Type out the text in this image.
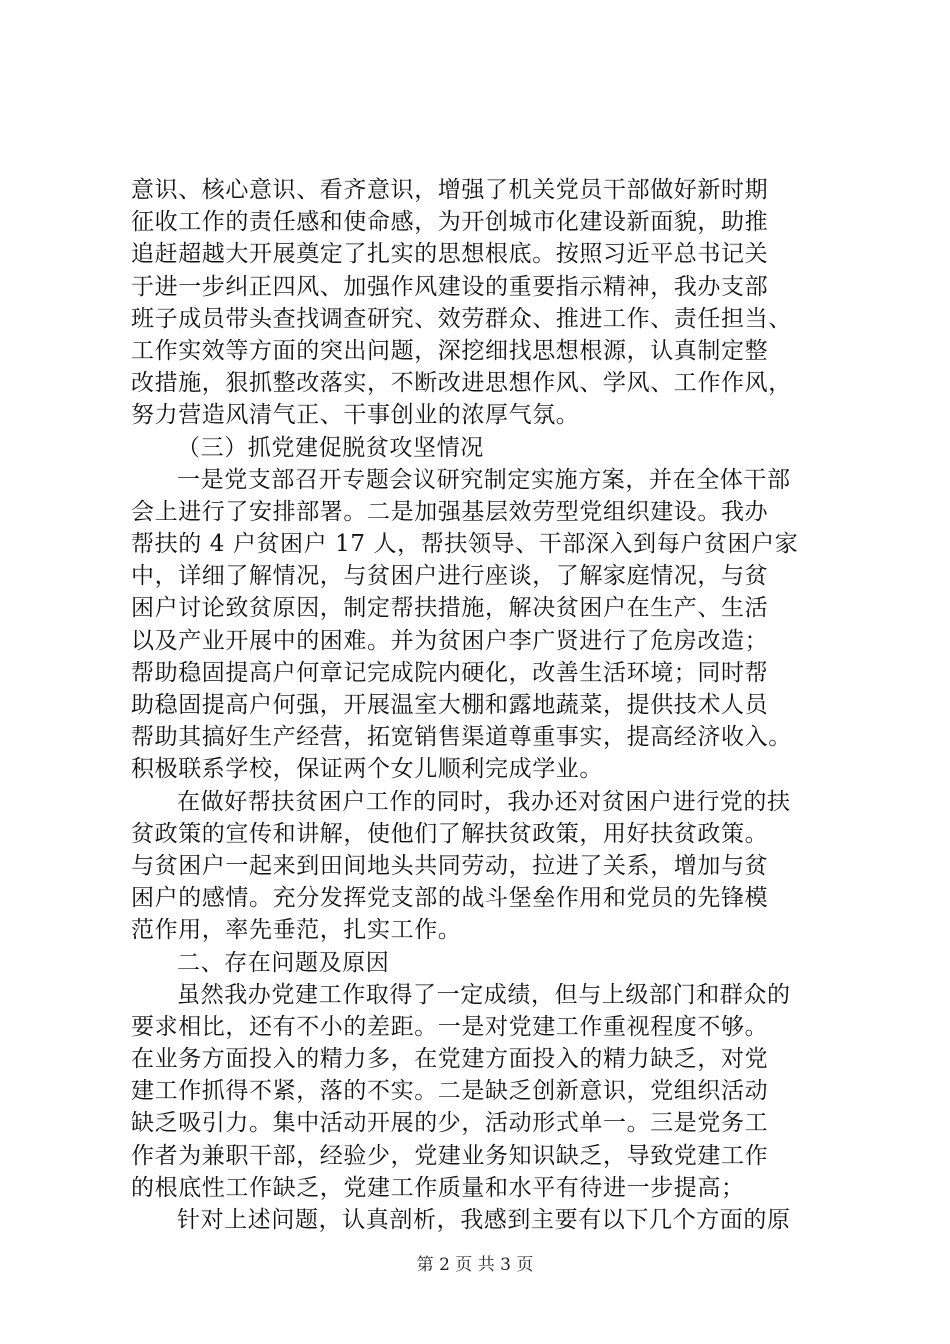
意识、核心意识、看齐意识，增强了机关党员干部做好新时期
征收工作的责任感和使命感，为开创城市化建设新面貌，助推
追赶超越大开展奠定了扎实的思想根底。按照习近平总书记关
于进一步纠正四风、加强作风建设的重要指示精神，我办支部
班子成员带头查找调查研究、效劳群众、推进工作、责任担当、
工作实效等方面的突出问题，深挖细找思想根源，认真制定整
改措施，狠抓整改落实，不断改进思想作风、学风、工作作风，
努力营造风清气正、干事创业的浓厚气氛。
（三）抓党建促脱贫攻坚情况
一是党支部召开专题会议研究制定实施方案，并在全体干部
会上进行了安排部署。二是加强基层效劳型党组织建设。我办
帮扶的 4 户贫困户 17 人，帮扶领导、干部深入到每户贫困户家
中，详细了解情况，与贫困户进行座谈，了解家庭情况，与贫
困户讨论致贫原因，制定帮扶措施，解决贫困户在生产、生活
以及产业开展中的困难。并为贫困户李广贤进行了危房改造；
帮助稳固提高户何章记完成院内硬化，改善生活环境；同时帮
助稳固提高户何强，开展温室大棚和露地蔬菜，提供技术人员
帮助其搞好生产经营，拓宽销售渠道尊重事实，提高经济收入。
积极联系学校，保证两个女儿顺利完成学业。
在做好帮扶贫困户工作的同时，我办还对贫困户进行党的扶
贫政策的宣传和讲解，使他们了解扶贫政策，用好扶贫政策。
与贫困户一起来到田间地头共同劳动，拉进了关系，增加与贫
困户的感情。充分发挥党支部的战斗堡垒作用和党员的先锋模
范作用，率先垂范，扎实工作。
二、存在问题及原因
虽然我办党建工作取得了一定成绩，但与上级部门和群众的
要求相比，还有不小的差距。一是对党建工作重视程度不够。
在业务方面投入的精力多，在党建方面投入的精力缺乏，对党
建工作抓得不紧，落的不实。二是缺乏创新意识，党组织活动
缺乏吸引力。集中活动开展的少，活动形式单一。三是党务工
作者为兼职干部，经验少，党建业务知识缺乏，导致党建工作
的根底性工作缺乏，党建工作质量和水平有待进一步提高；
针对上述问题，认真剖析，我感到主要有以下几个方面的原
第 2 页 共 3 页
